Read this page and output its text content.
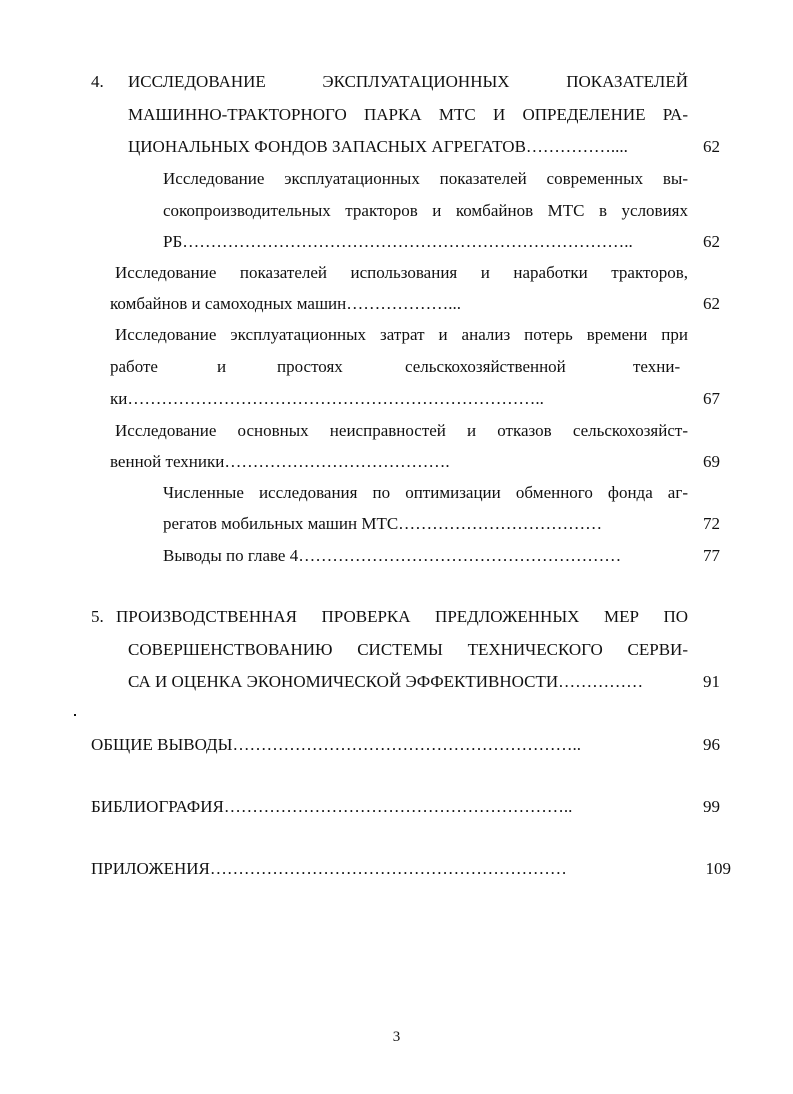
4. ИССЛЕДОВАНИЕ ЭКСПЛУАТАЦИОННЫХ ПОКАЗАТЕЛЕЙ
МАШИННО-ТРАКТОРНОГО ПАРКА МТС И ОПРЕДЕЛЕНИЕ РА-
ЦИОНАЛЬНЫХ ФОНДОВ ЗАПАСНЫХ АГРЕГАТОВ……………....	62
Исследование эксплуатационных показателей современных вы-
сокопроизводительных тракторов и комбайнов МТС в условиях
РБ……………………………………………………………………..	62
Исследование показателей использования и наработки тракторов,
комбайнов и самоходных машин………………...	62
Исследование эксплуатационных затрат и анализ потерь времени при
работе	и	простоях	сельскохозяйственной	техни-
ки………………………………………………………………..	67
Исследование основных неисправностей и отказов сельскохозяйст-
венной техники………………………………….	69
Численные исследования по оптимизации обменного фонда аг-
регатов мобильных машин МТС………………………………	72
Выводы по главе 4…………………………………………………	77
5. ПРОИЗВОДСТВЕННАЯ ПРОВЕРКА ПРЕДЛОЖЕННЫХ МЕР ПО
СОВЕРШЕНСТВОВАНИЮ СИСТЕМЫ ТЕХНИЧЕСКОГО СЕРВИ-
СА И ОЦЕНКА ЭКОНОМИЧЕСКОЙ ЭФФЕКТИВНОСТИ……………	91
ОБЩИЕ ВЫВОДЫ……………………………………………………..	96
БИБЛИОГРАФИЯ……………………………………………………..	99
ПРИЛОЖЕНИЯ………………………………………………………	109
3
